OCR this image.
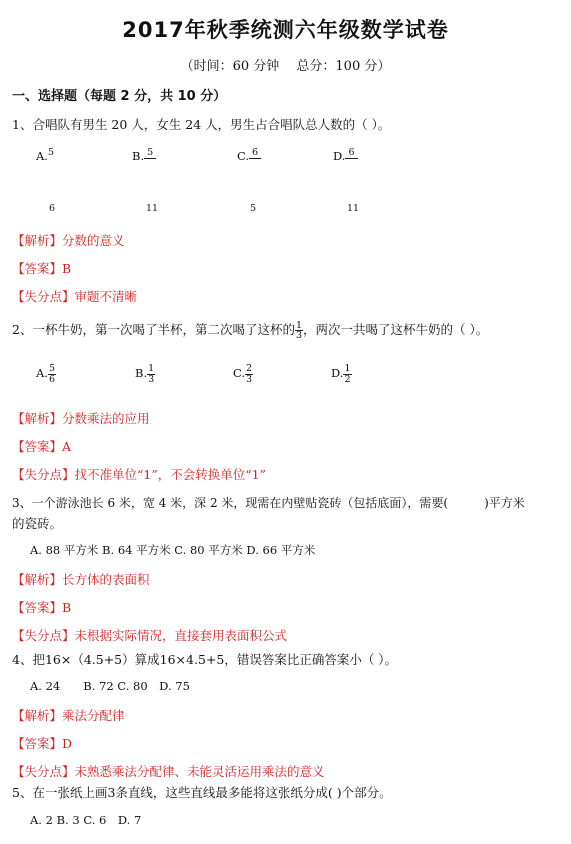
2017年秋季统测六年级数学试卷
（时间：60 分钟　 总分：100 分）
一、选择题（每题 2 分，共 10 分）
1、合唱队有男生 20 人，女生 24 人，男生占合唱队总人数的（ ）。
A.$^5$	B. $^5$	C. $^6$	D. $^6$
6	11	5	11
【解析】分数的意义
【答案】B
【失分点】审题不清晰
2、一杯牛奶，第一次喝了半杯，第二次喝了这杯的 $\frac{1}{3}$ ，两次一共喝了这杯牛奶的（ ）。
A. $\frac{5}{6}$	B. $\frac{1}{3}$	C. $\frac{2}{3}$	D. $\frac{1}{2}$
【解析】分数乘法的应用
【答案】A
【失分点】找不准单位“1”，不会转换单位“1”
3、一个游泳池长 6 米，宽 4 米，深 2 米，现需在内壁贴瓷砖（包括底面），需要(　　　)平方米
的瓷砖。
A. 88 平方米 B. 64 平方米 C. 80 平方米 D. 66 平方米
【解析】长方体的表面积
【答案】B
【失分点】未根据实际情况，直接套用表面积公式
4、把16×（4.5+5）算成16×4.5+5，错误答案比正确答案小（ ）。
A. 24　　B. 72 C. 80　D. 75
【解析】乘法分配律
【答案】D
【失分点】未熟悉乘法分配律、未能灵活运用乘法的意义
5、在一张纸上画3条直线，这些直线最多能将这张纸分成( )个部分。
A. 2 B. 3 C. 6　D. 7
